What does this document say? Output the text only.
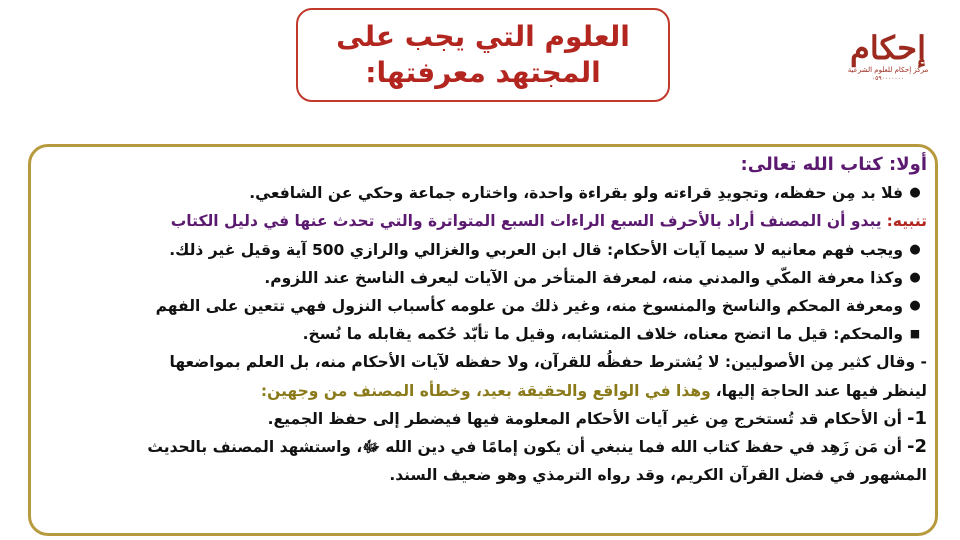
العلوم التي يجب على
المجتهد معرفتها:
إحكام
مركز إحكام للعلوم الشرعية
٠٥٩٠٠٠٠٠٠٠
أولا: كتاب الله تعالى:
●
فلا بد مِن حفظه، وتجويدِ قراءته ولو بقراءة واحدة، واختاره جماعة وحكي عن الشافعي.
تنبيه:
يبدو أن المصنف أراد بالأحرف السبع الراءات السبع المتواترة والتي تحدث عنها في دليل الكتاب
●
ويجب فهم معانيه لا سيما آيات الأحكام: قال ابن العربي والغزالي والرازي 500 آية وقيل غير ذلك.
●
وكذا معرفة المكّي والمدني منه، لمعرفة المتأخر من الآيات ليعرف الناسخ عند اللزوم.
●
ومعرفة المحكم والناسخ والمنسوخ منه، وغير ذلك من علومه كأسباب النزول فهي تتعين على الفهم
■
والمحكم: قيل ما اتضح معناه، خلاف المتشابه، وقيل ما تأبّد حُكمه يقابله ما نُسخ.
- وقال كثير مِن الأصوليين: لا يُشترط حفظُه للقرآن، ولا حفظه لآيات الأحكام منه، بل العلم بمواضعها
لينظر فيها عند الحاجة إليها،
وهذا في الواقع والحقيقة بعيد، وخطأه المصنف من وجهين:
1-
أن الأحكام قد تُستخرج مِن غير آيات الأحكام المعلومة فيها فيضطر إلى حفظ الجميع.
2-
أن مَن زَهِد في حفظ كتاب الله فما ينبغي أن يكون إمامًا في دين الله ﷻ، واستشهد المصنف بالحديث
المشهور في فضل القرآن الكريم، وقد رواه الترمذي وهو ضعيف السند.
